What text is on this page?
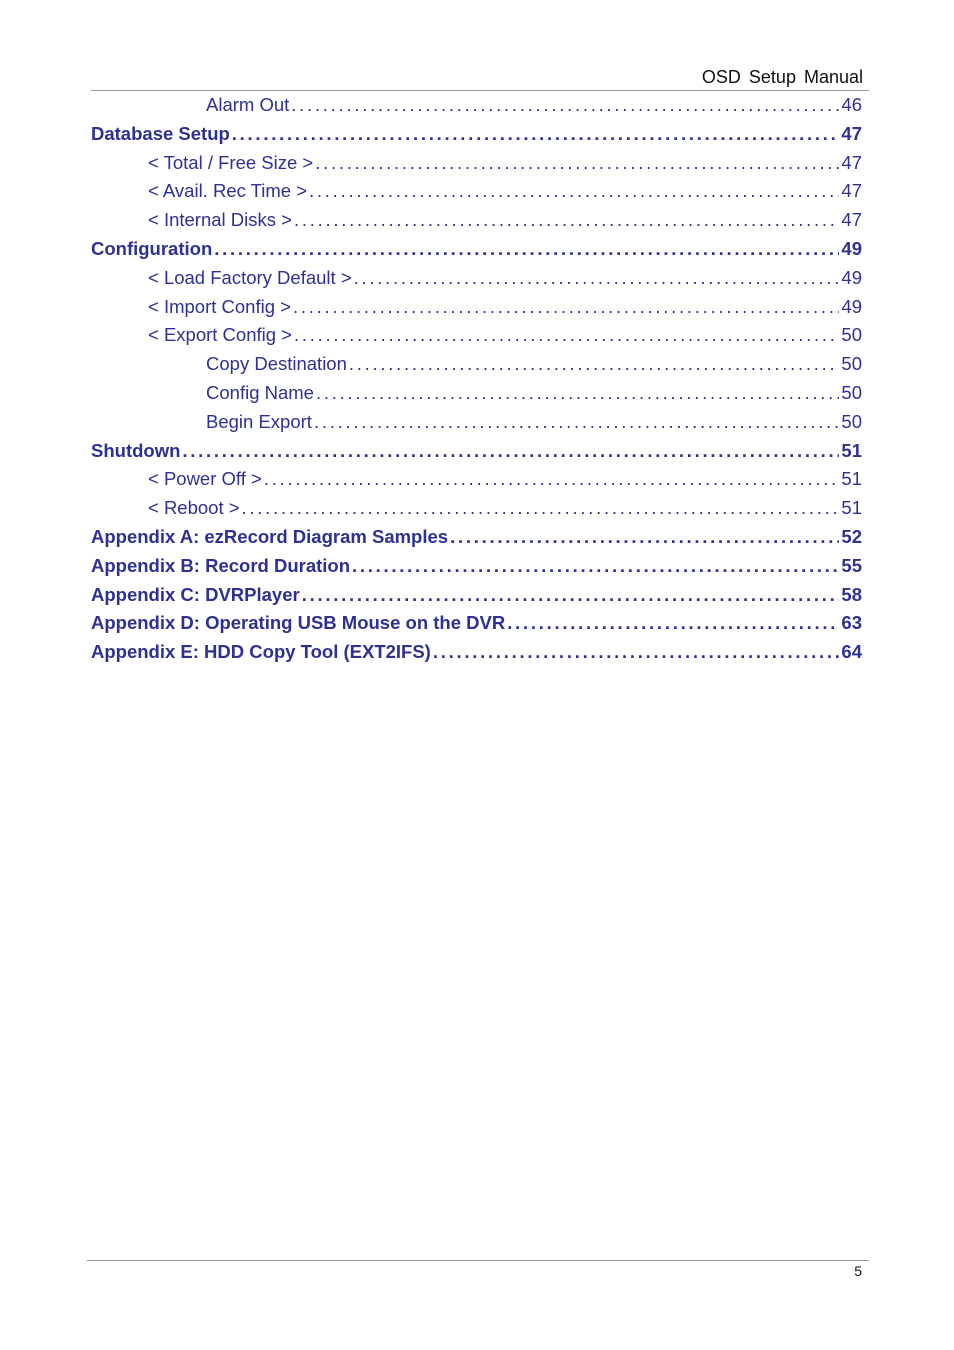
OSD Setup Manual
Alarm Out . . .	46
Database Setup . . .	47
< Total / Free Size > . . .	47
< Avail. Rec Time > . . .	47
< Internal Disks > . . .	47
Configuration . . .	49
< Load Factory Default > . . .	49
< Import Config > . . .	49
< Export Config > . . .	50
Copy Destination . . .	50
Config Name . . .	50
Begin Export . . .	50
Shutdown . . .	51
< Power Off > . . .	51
< Reboot > . . .	51
Appendix A: ezRecord Diagram Samples . . .	52
Appendix B: Record Duration . . .	55
Appendix C: DVRPlayer . . .	58
Appendix D: Operating USB Mouse on the DVR . . .	63
Appendix E: HDD Copy Tool (EXT2IFS) . . .	64
5
